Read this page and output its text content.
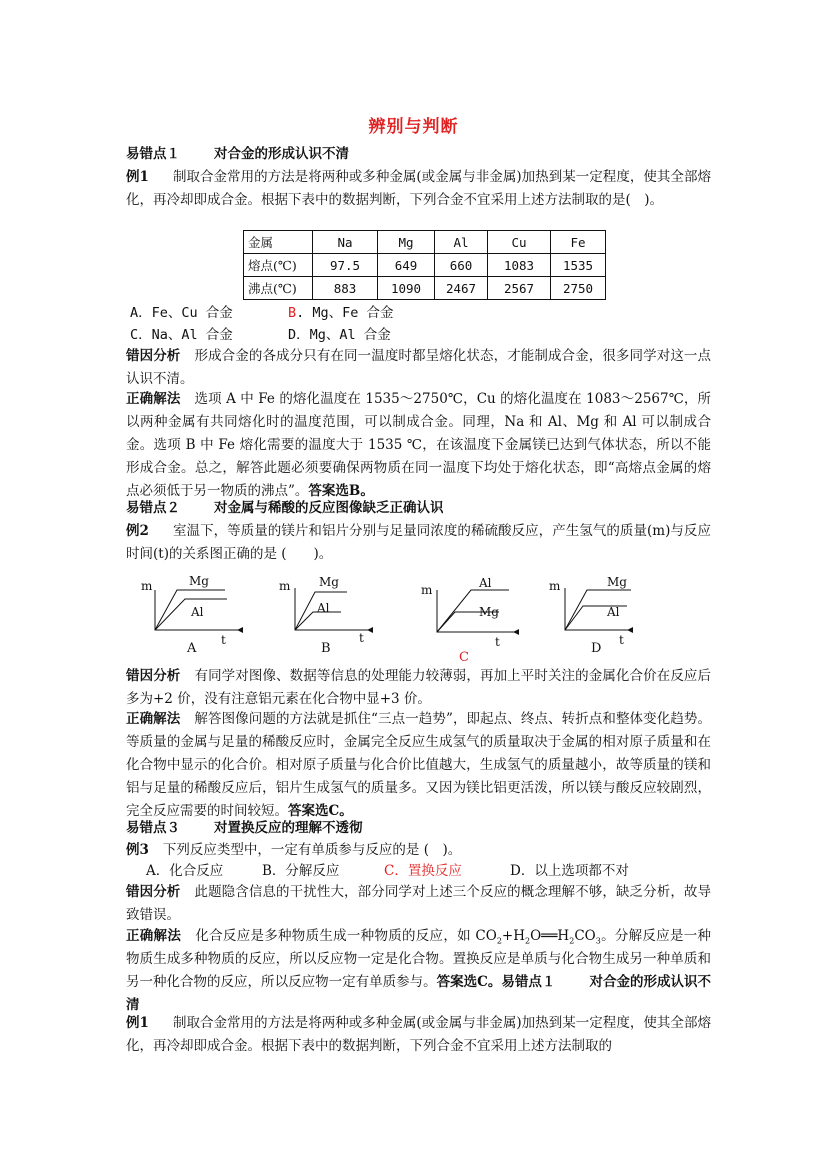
辨别与判断
易错点１	对合金的形成认识不清
例1 制取合金常用的方法是将两种或多种金属(或金属与非金属)加热到某一定程度，使其全部熔化，再冷却即成合金。根据下表中的数据判断，下列合金不宜采用上述方法制取的是(　)。
金属	Na	Mg	Al	Cu	Fe
熔点(℃)	97.5	649	660	1083	1535
沸点(℃)	883	1090	2467	2567	2750
A．Fe、Cu 合金	B. Mg、Fe 合金
C．Na、Al 合金	D．Mg、Al 合金
错因分析 形成合金的各成分只有在同一温度时都呈熔化状态，才能制成合金，很多同学对这一点认识不清。
正确解法 选项 A 中 Fe 的熔化温度在 1535～2750℃，Cu 的熔化温度在 1083～2567℃，所以两种金属有共同熔化时的温度范围，可以制成合金。同理，Na 和 Al、Mg 和 Al 可以制成合金。选项 B 中 Fe 熔化需要的温度大于 1535 ℃，在该温度下金属镁已达到气体状态，所以不能形成合金。总之，解答此题必须要确保两物质在同一温度下均处于熔化状态，即“高熔点金属的熔点必须低于另一物质的沸点”。答案选B。
易错点２	对金属与稀酸的反应图像缺乏正确认识
例2 室温下，等质量的镁片和铝片分别与足量同浓度的稀硫酸反应，产生氢气的质量(m)与反应时间(t)的关系图正确的是 (　　)。
m	Mg
Al
t
A
m Mg
Al
t
B
m	Al
Mg
t
C
m	Mg
Al
t
D
错因分析 有同学对图像、数据等信息的处理能力较薄弱，再加上平时关注的金属化合价在反应后多为+2 价，没有注意铝元素在化合物中显+3 价。
正确解法 解答图像问题的方法就是抓住“三点一趋势”，即起点、终点、转折点和整体变化趋势。等质量的金属与足量的稀酸反应时，金属完全反应生成氢气的质量取决于金属的相对原子质量和在化合物中显示的化合价。相对原子质量与化合价比值越大，生成氢气的质量越小，故等质量的镁和铝与足量的稀酸反应后，铝片生成氢气的质量多。又因为镁比铝更活泼，所以镁与酸反应较剧烈，完全反应需要的时间较短。答案选C。
易错点３	对置换反应的理解不透彻
例3 下列反应类型中，一定有单质参与反应的是 (　)。
A．化合反应	B．分解反应	C．置换反应	D．以上选项都不对
错因分析 此题隐含信息的干扰性大，部分同学对上述三个反应的概念理解不够，缺乏分析，故导致错误。
正确解法 化合反应是多种物质生成一种物质的反应，如 $CO_2+H_2O══H_2CO_3$。分解反应是一种物质生成多种物质的反应，所以反应物一定是化合物。置换反应是单质与化合物生成另一种单质和另一种化合物的反应，所以反应物一定有单质参与。答案选C。易错点１	对合金的形成认识不清
例1 制取合金常用的方法是将两种或多种金属(或金属与非金属)加热到某一定程度，使其全部熔化，再冷却即成合金。根据下表中的数据判断，下列合金不宜采用上述方法制取的
